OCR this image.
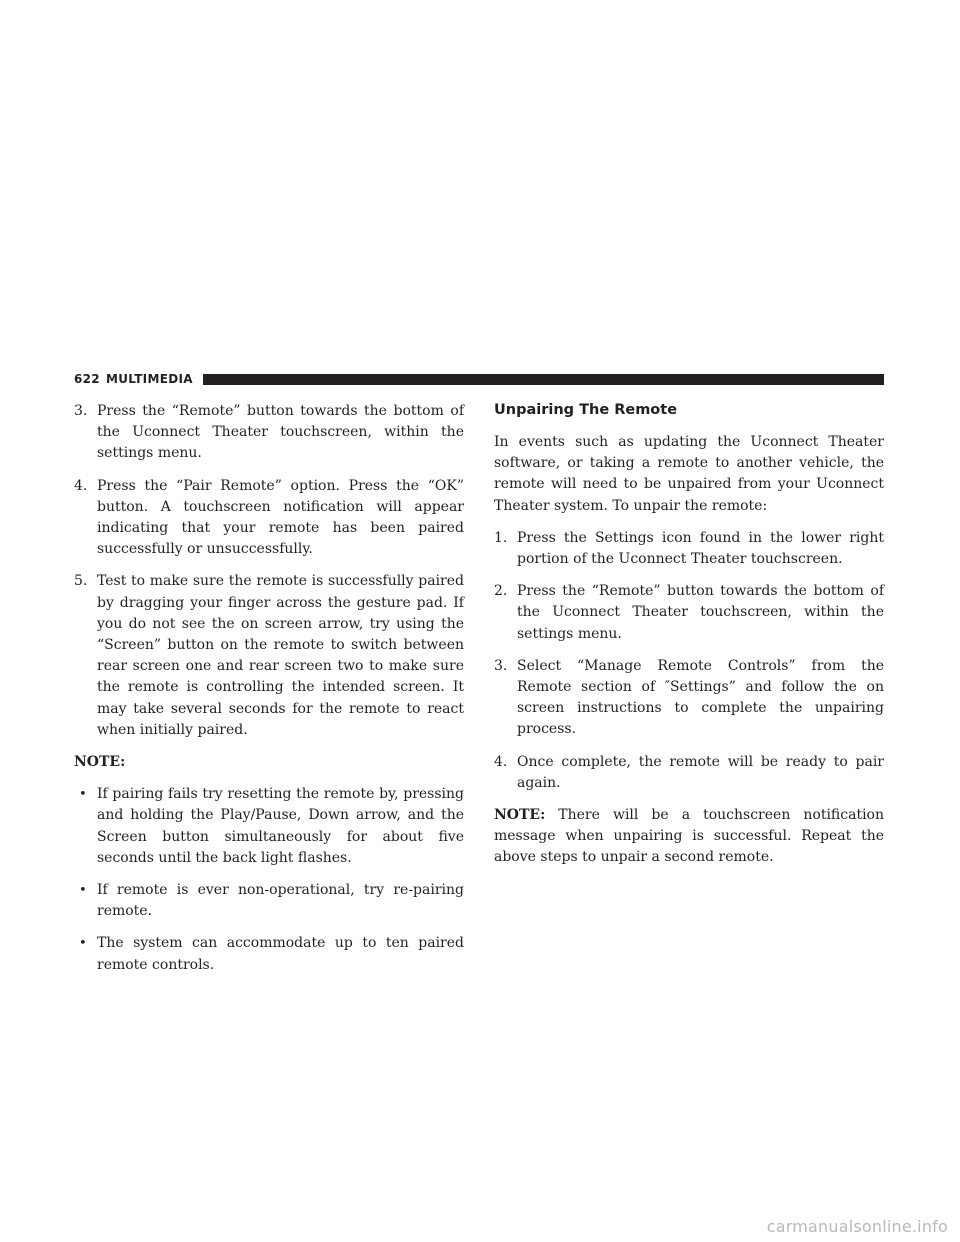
622 MULTIMEDIA
3. Press the “Remote” button towards the bottom of the Uconnect Theater touchscreen, within the settings menu.
4. Press the “Pair Remote” option. Press the “OK” button. A touchscreen notification will appear indicating that your remote has been paired successfully or unsuccessfully.
5. Test to make sure the remote is successfully paired by dragging your finger across the gesture pad. If you do not see the on screen arrow, try using the “Screen” button on the remote to switch between rear screen one and rear screen two to make sure the remote is controlling the intended screen. It may take several seconds for the remote to react when initially paired.
NOTE:
• If pairing fails try resetting the remote by, pressing and holding the Play/Pause, Down arrow, and the Screen button simultaneously for about five seconds until the back light flashes.
• If remote is ever non-operational, try re-pairing remote.
• The system can accommodate up to ten paired remote controls.
Unpairing The Remote
In events such as updating the Uconnect Theater software, or taking a remote to another vehicle, the remote will need to be unpaired from your Uconnect Theater system. To unpair the remote:
1. Press the Settings icon found in the lower right portion of the Uconnect Theater touchscreen.
2. Press the “Remote” button towards the bottom of the Uconnect Theater touchscreen, within the settings menu.
3. Select “Manage Remote Controls” from the Remote section of ″Settings” and follow the on screen instructions to complete the unpairing process.
4. Once complete, the remote will be ready to pair again.
NOTE: There will be a touchscreen notification message when unpairing is successful. Repeat the above steps to unpair a second remote.
carmanualsonline.info
